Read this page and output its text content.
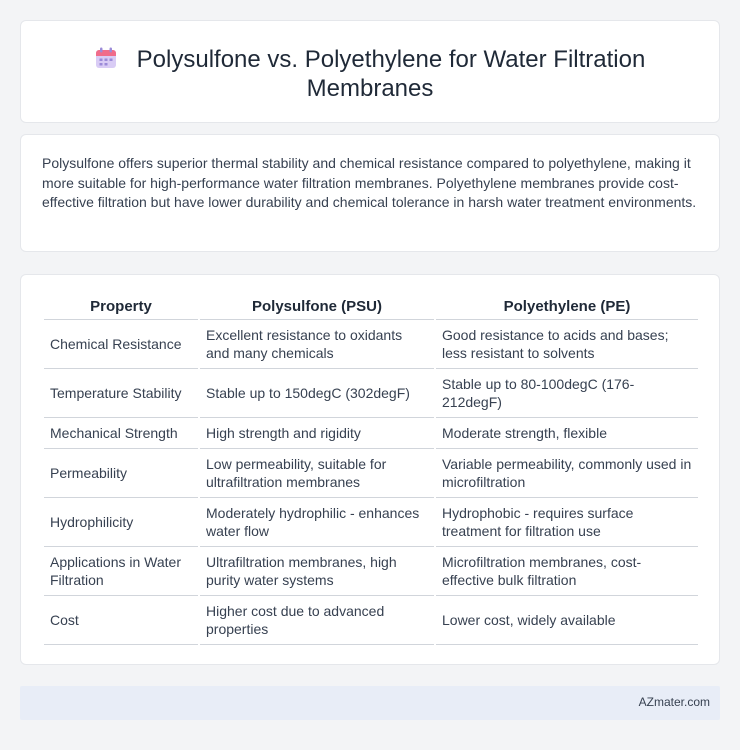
Polysulfone vs. Polyethylene for Water Filtration Membranes

Polysulfone offers superior thermal stability and chemical resistance compared to polyethylene, making it more suitable for high-performance water filtration membranes. Polyethylene membranes provide cost-effective filtration but have lower durability and chemical tolerance in harsh water treatment environments.

Property	Polysulfone (PSU)	Polyethylene (PE)
Chemical Resistance	Excellent resistance to oxidants and many chemicals	Good resistance to acids and bases; less resistant to solvents
Temperature Stability	Stable up to 150degC (302degF)	Stable up to 80-100degC (176-212degF)
Mechanical Strength	High strength and rigidity	Moderate strength, flexible
Permeability	Low permeability, suitable for ultrafiltration membranes	Variable permeability, commonly used in microfiltration
Hydrophilicity	Moderately hydrophilic - enhances water flow	Hydrophobic - requires surface treatment for filtration use
Applications in Water Filtration	Ultrafiltration membranes, high purity water systems	Microfiltration membranes, cost-effective bulk filtration
Cost	Higher cost due to advanced properties	Lower cost, widely available
AZmater.com
